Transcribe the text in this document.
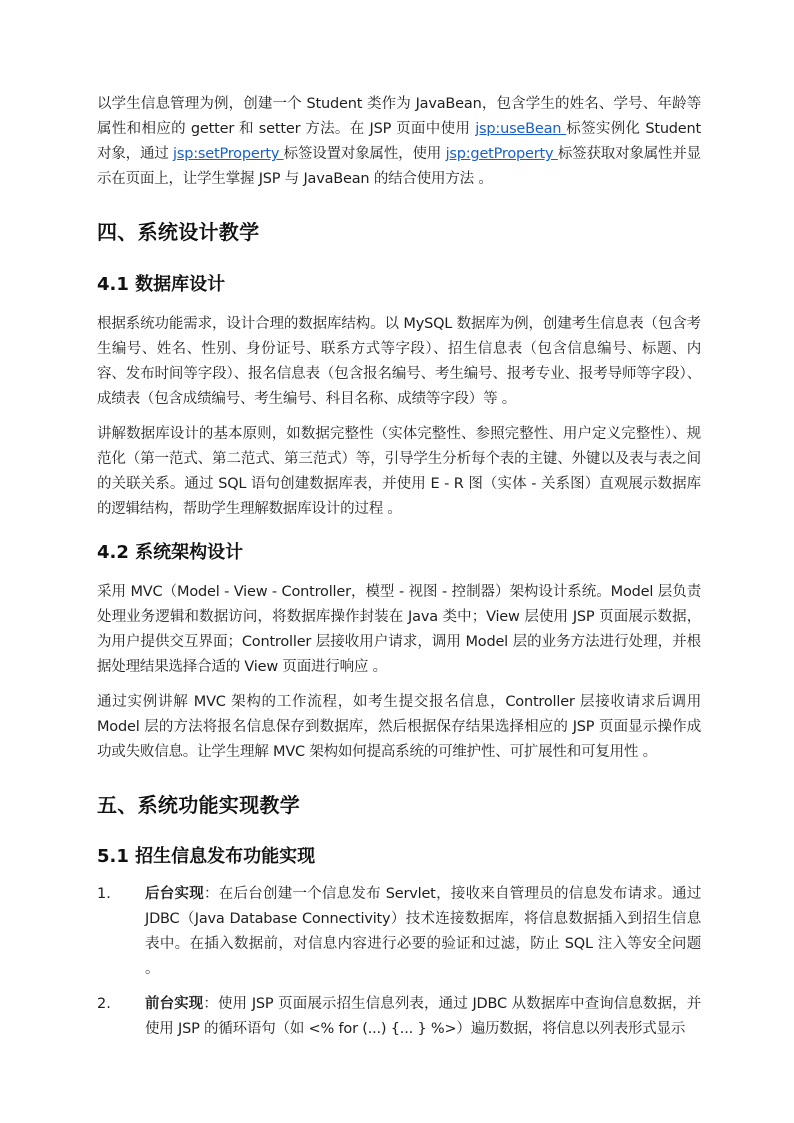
以学生信息管理为例，创建一个 Student 类作为 JavaBean，包含学生的姓名、学号、年龄等属性和相应的 getter 和 setter 方法。在 JSP 页面中使用 jsp:useBean 标签实例化 Student 对象，通过 jsp:setProperty 标签设置对象属性，使用 jsp:getProperty 标签获取对象属性并显示在页面上，让学生掌握 JSP 与 JavaBean 的结合使用方法 。

四、系统设计教学
4.1 数据库设计

根据系统功能需求，设计合理的数据库结构。以 MySQL 数据库为例，创建考生信息表（包含考生编号、姓名、性别、身份证号、联系方式等字段）、招生信息表（包含信息编号、标题、内容、发布时间等字段）、报名信息表（包含报名编号、考生编号、报考专业、报考导师等字段）、成绩表（包含成绩编号、考生编号、科目名称、成绩等字段）等 。

讲解数据库设计的基本原则，如数据完整性（实体完整性、参照完整性、用户定义完整性）、规范化（第一范式、第二范式、第三范式）等，引导学生分析每个表的主键、外键以及表与表之间的关联关系。通过 SQL 语句创建数据库表，并使用 E - R 图（实体 - 关系图）直观展示数据库的逻辑结构，帮助学生理解数据库设计的过程 。

4.2 系统架构设计

采用 MVC（Model - View - Controller，模型 - 视图 - 控制器）架构设计系统。Model 层负责处理业务逻辑和数据访问，将数据库操作封装在 Java 类中；View 层使用 JSP 页面展示数据，为用户提供交互界面；Controller 层接收用户请求，调用 Model 层的业务方法进行处理，并根据处理结果选择合适的 View 页面进行响应 。

通过实例讲解 MVC 架构的工作流程，如考生提交报名信息，Controller 层接收请求后调用 Model 层的方法将报名信息保存到数据库，然后根据保存结果选择相应的 JSP 页面显示操作成功或失败信息。让学生理解 MVC 架构如何提高系统的可维护性、可扩展性和可复用性 。

五、系统功能实现教学
5.1 招生信息发布功能实现
1. 后台实现：在后台创建一个信息发布 Servlet，接收来自管理员的信息发布请求。通过 JDBC（Java Database Connectivity）技术连接数据库，将信息数据插入到招生信息表中。在插入数据前，对信息内容进行必要的验证和过滤，防止 SQL 注入等安全问题 。

2. 前台实现：使用 JSP 页面展示招生信息列表，通过 JDBC 从数据库中查询信息数据，并使用 JSP 的循环语句（如 <% for (...) {... } %>）遍历数据，将信息以列表形式显示
